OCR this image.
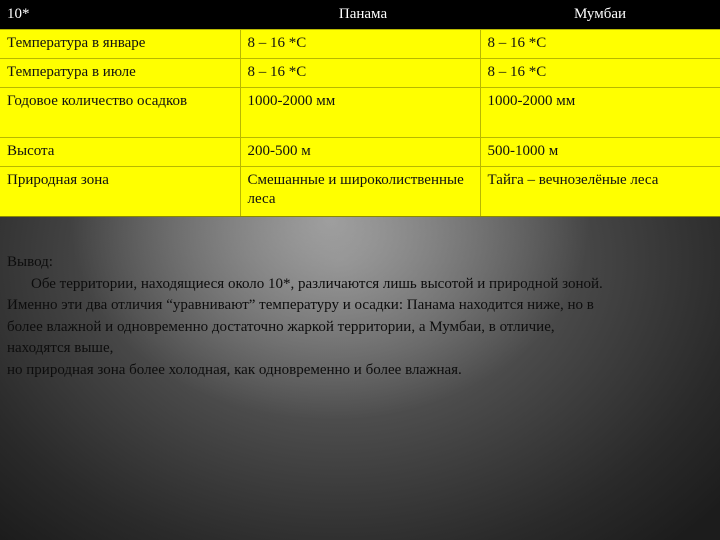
10*	Панама	Мумбаи
Температура в январе	8 – 16 *С	8 – 16 *С
Температура в июле	8 – 16 *С	8 – 16 *С
Годовое количество осадков	1000-2000 мм	1000-2000 мм
Высота	200-500 м	500-1000 м
Природная зона	Смешанные и широколиственные леса	Тайга – вечнозелёные леса
Вывод:
Обе территории, находящиеся около 10*, различаются лишь высотой и природной зоной.
Именно эти два отличия “уравнивают” температуру и осадки: Панама находится ниже, но в
более влажной и одновременно достаточно жаркой территории, а Мумбаи, в отличие,
находятся выше,
но природная зона более холодная, как одновременно и более влажная.
